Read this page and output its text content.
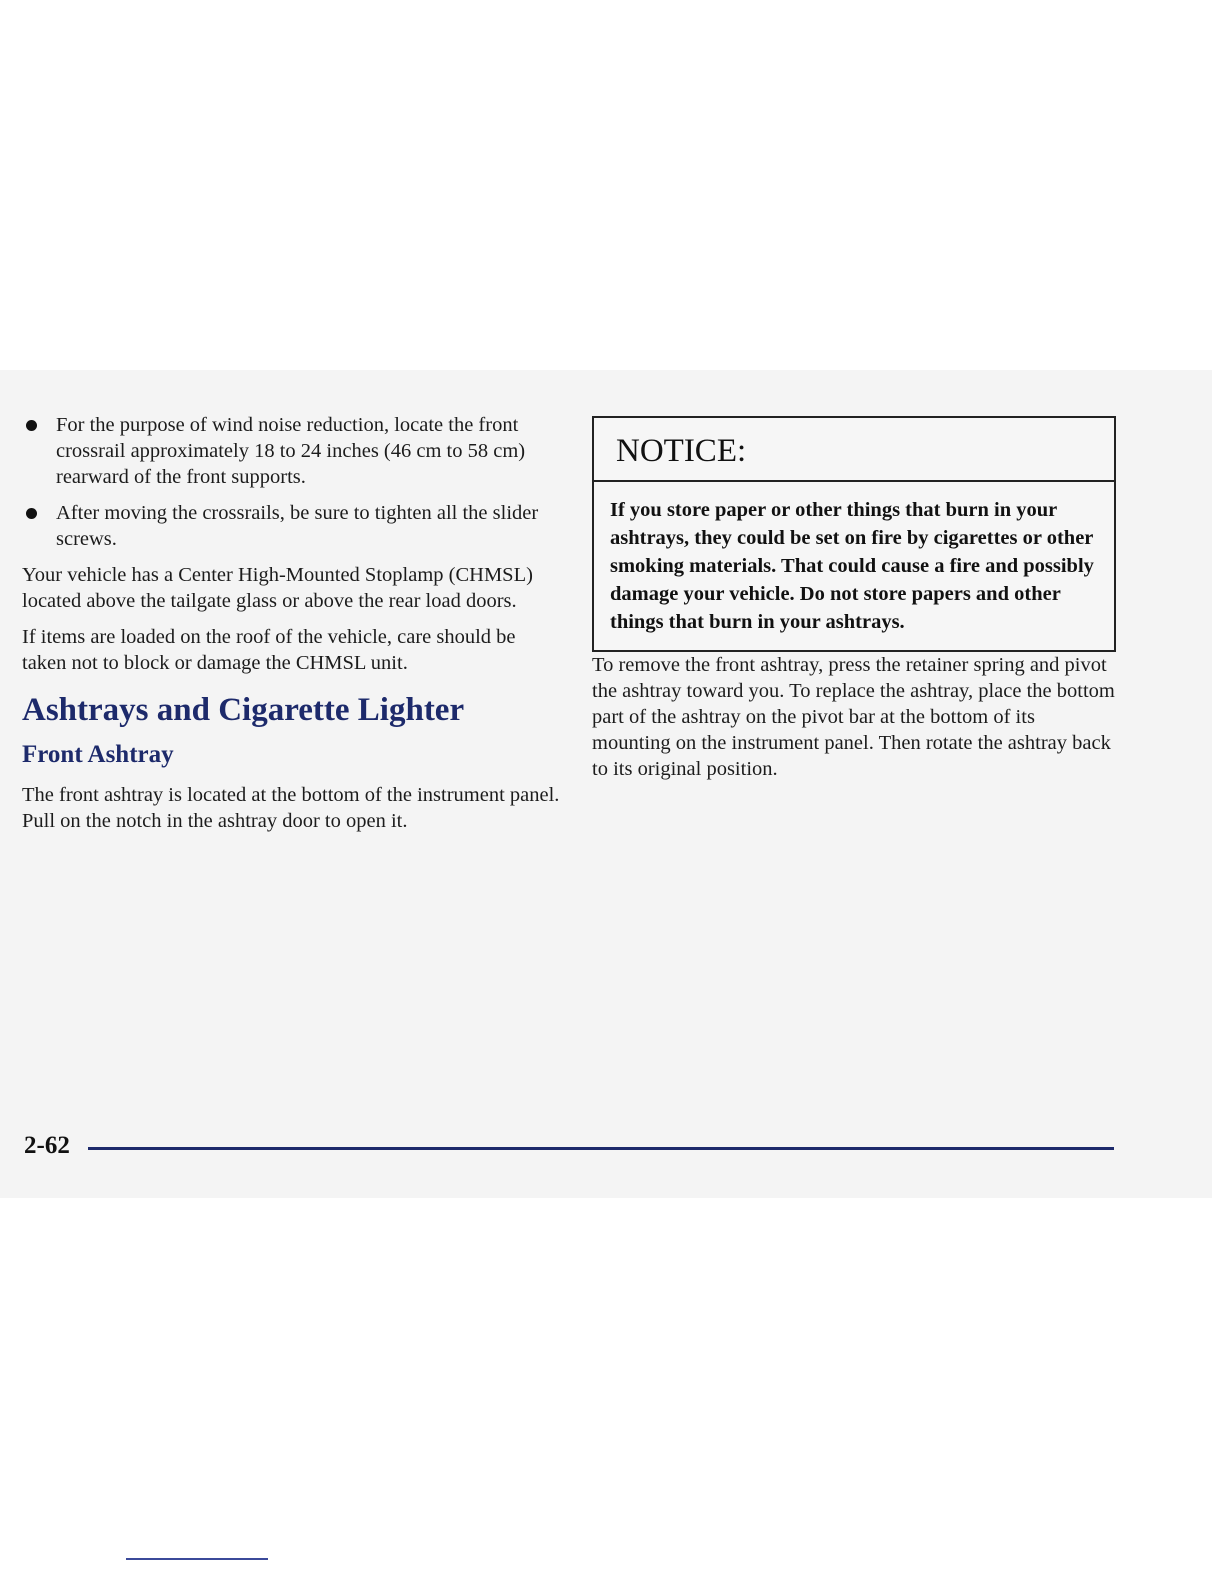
For the purpose of wind noise reduction, locate the front crossrail approximately 18 to 24 inches (46 cm to 58 cm) rearward of the front supports.
After moving the crossrails, be sure to tighten all the slider screws.

Your vehicle has a Center High-Mounted Stoplamp (CHMSL) located above the tailgate glass or above the rear load doors.

If items are loaded on the roof of the vehicle, care should be taken not to block or damage the CHMSL unit.

Ashtrays and Cigarette Lighter
Front Ashtray

The front ashtray is located at the bottom of the instrument panel. Pull on the notch in the ashtray door to open it.

NOTICE:
If you store paper or other things that burn in your ashtrays, they could be set on fire by cigarettes or other smoking materials. That could cause a fire and possibly damage your vehicle. Do not store papers and other things that burn in your ashtrays.

To remove the front ashtray, press the retainer spring and pivot the ashtray toward you. To replace the ashtray, place the bottom part of the ashtray on the pivot bar at the bottom of its mounting on the instrument panel. Then rotate the ashtray back to its original position.

2-62
